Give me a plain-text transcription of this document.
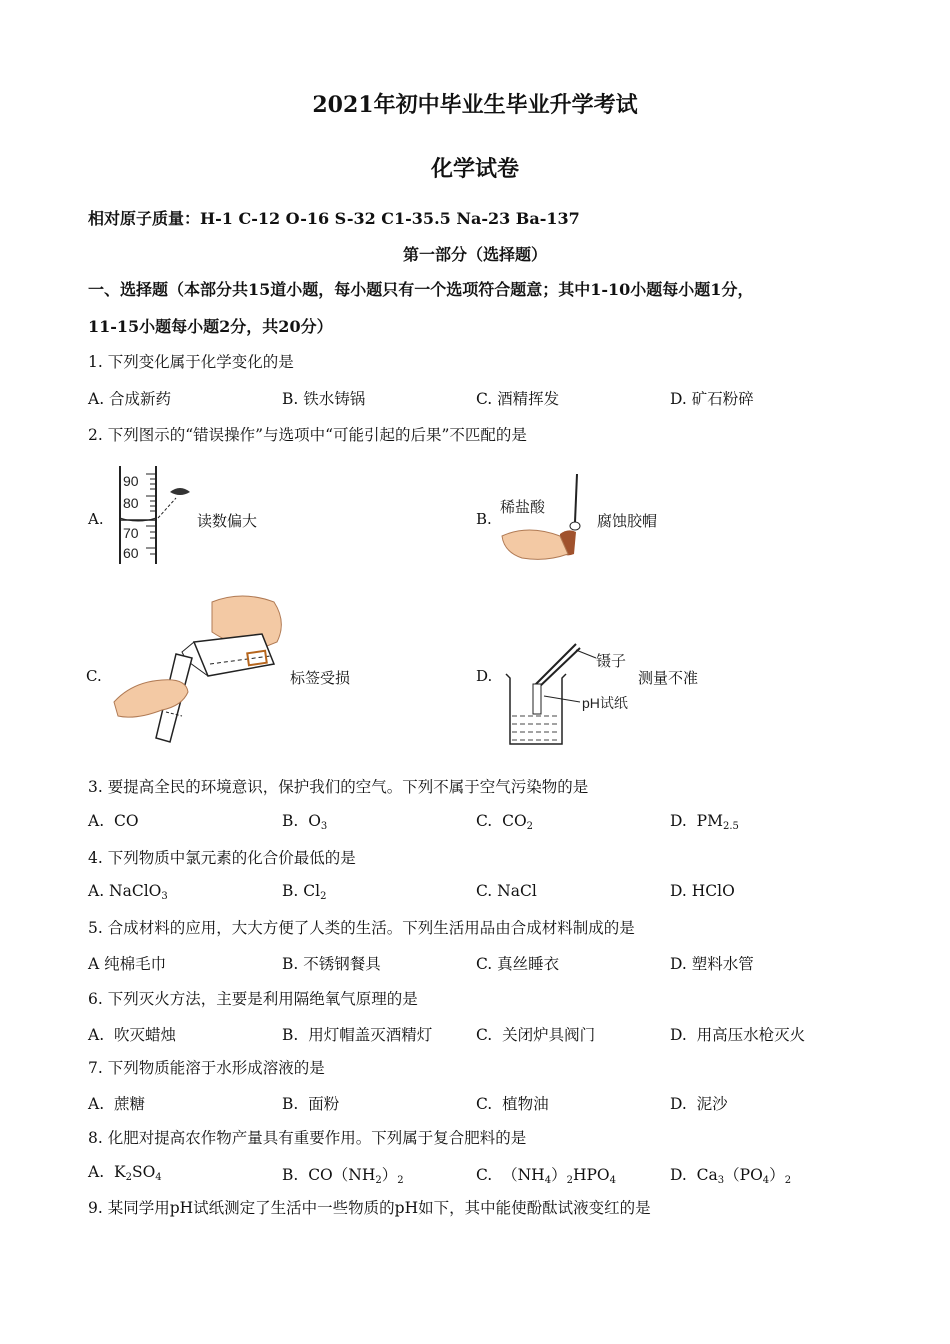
2021年初中毕业生毕业升学考试
化学试卷
相对原子质量：H-1 C-12 O-16 S-32 C1-35.5 Na-23 Ba-137
第一部分（选择题）
一、选择题（本部分共15道小题，每小题只有一个选项符合题意；其中1-10小题每小题1分，
11-15小题每小题2分，共20分）
1. 下列变化属于化学变化的是
A. 合成新药	B. 铁水铸锅	C. 酒精挥发	D. 矿石粉碎
2. 下列图示的“错误操作”与选项中“可能引起的后果”不匹配的是
A.
90
80
70
60
读数偏大	B.
稀盐酸
腐蚀胶帽
C.	标签受损	D.
镊子
pH试纸
测量不准
3. 要提高全民的环境意识，保护我们的空气。下列不属于空气污染物的是
A. CO	B. $O_3$	C. $CO_2$	D. $PM_{2.5}$
4. 下列物质中氯元素的化合价最低的是
A. NaClO$_3$	B. $Cl_2$	C. NaCl	D. HClO
5. 合成材料的应用，大大方便了人类的生活。下列生活用品由合成材料制成的是
A 纯棉毛巾	B. 不锈钢餐具	C. 真丝睡衣	D. 塑料水管
6. 下列灭火方法，主要是利用隔绝氧气原理的是
A. 吹灭蜡烛	B. 用灯帽盖灭酒精灯	C. 关闭炉具阀门	D. 用高压水枪灭火
7. 下列物质能溶于水形成溶液的是
A. 蔗糖	B. 面粉	C. 植物油	D. 泥沙
8. 化肥对提高农作物产量具有重要作用。下列属于复合肥料的是
A. $K_2SO_4$	B. $CO(NH_2)_2$	C. $(NH_4)_2HPO_4$	D. $Ca_3(PO_4)_2$
9. 某同学用pH试纸测定了生活中一些物质的pH如下，其中能使酚酞试液变红的是
